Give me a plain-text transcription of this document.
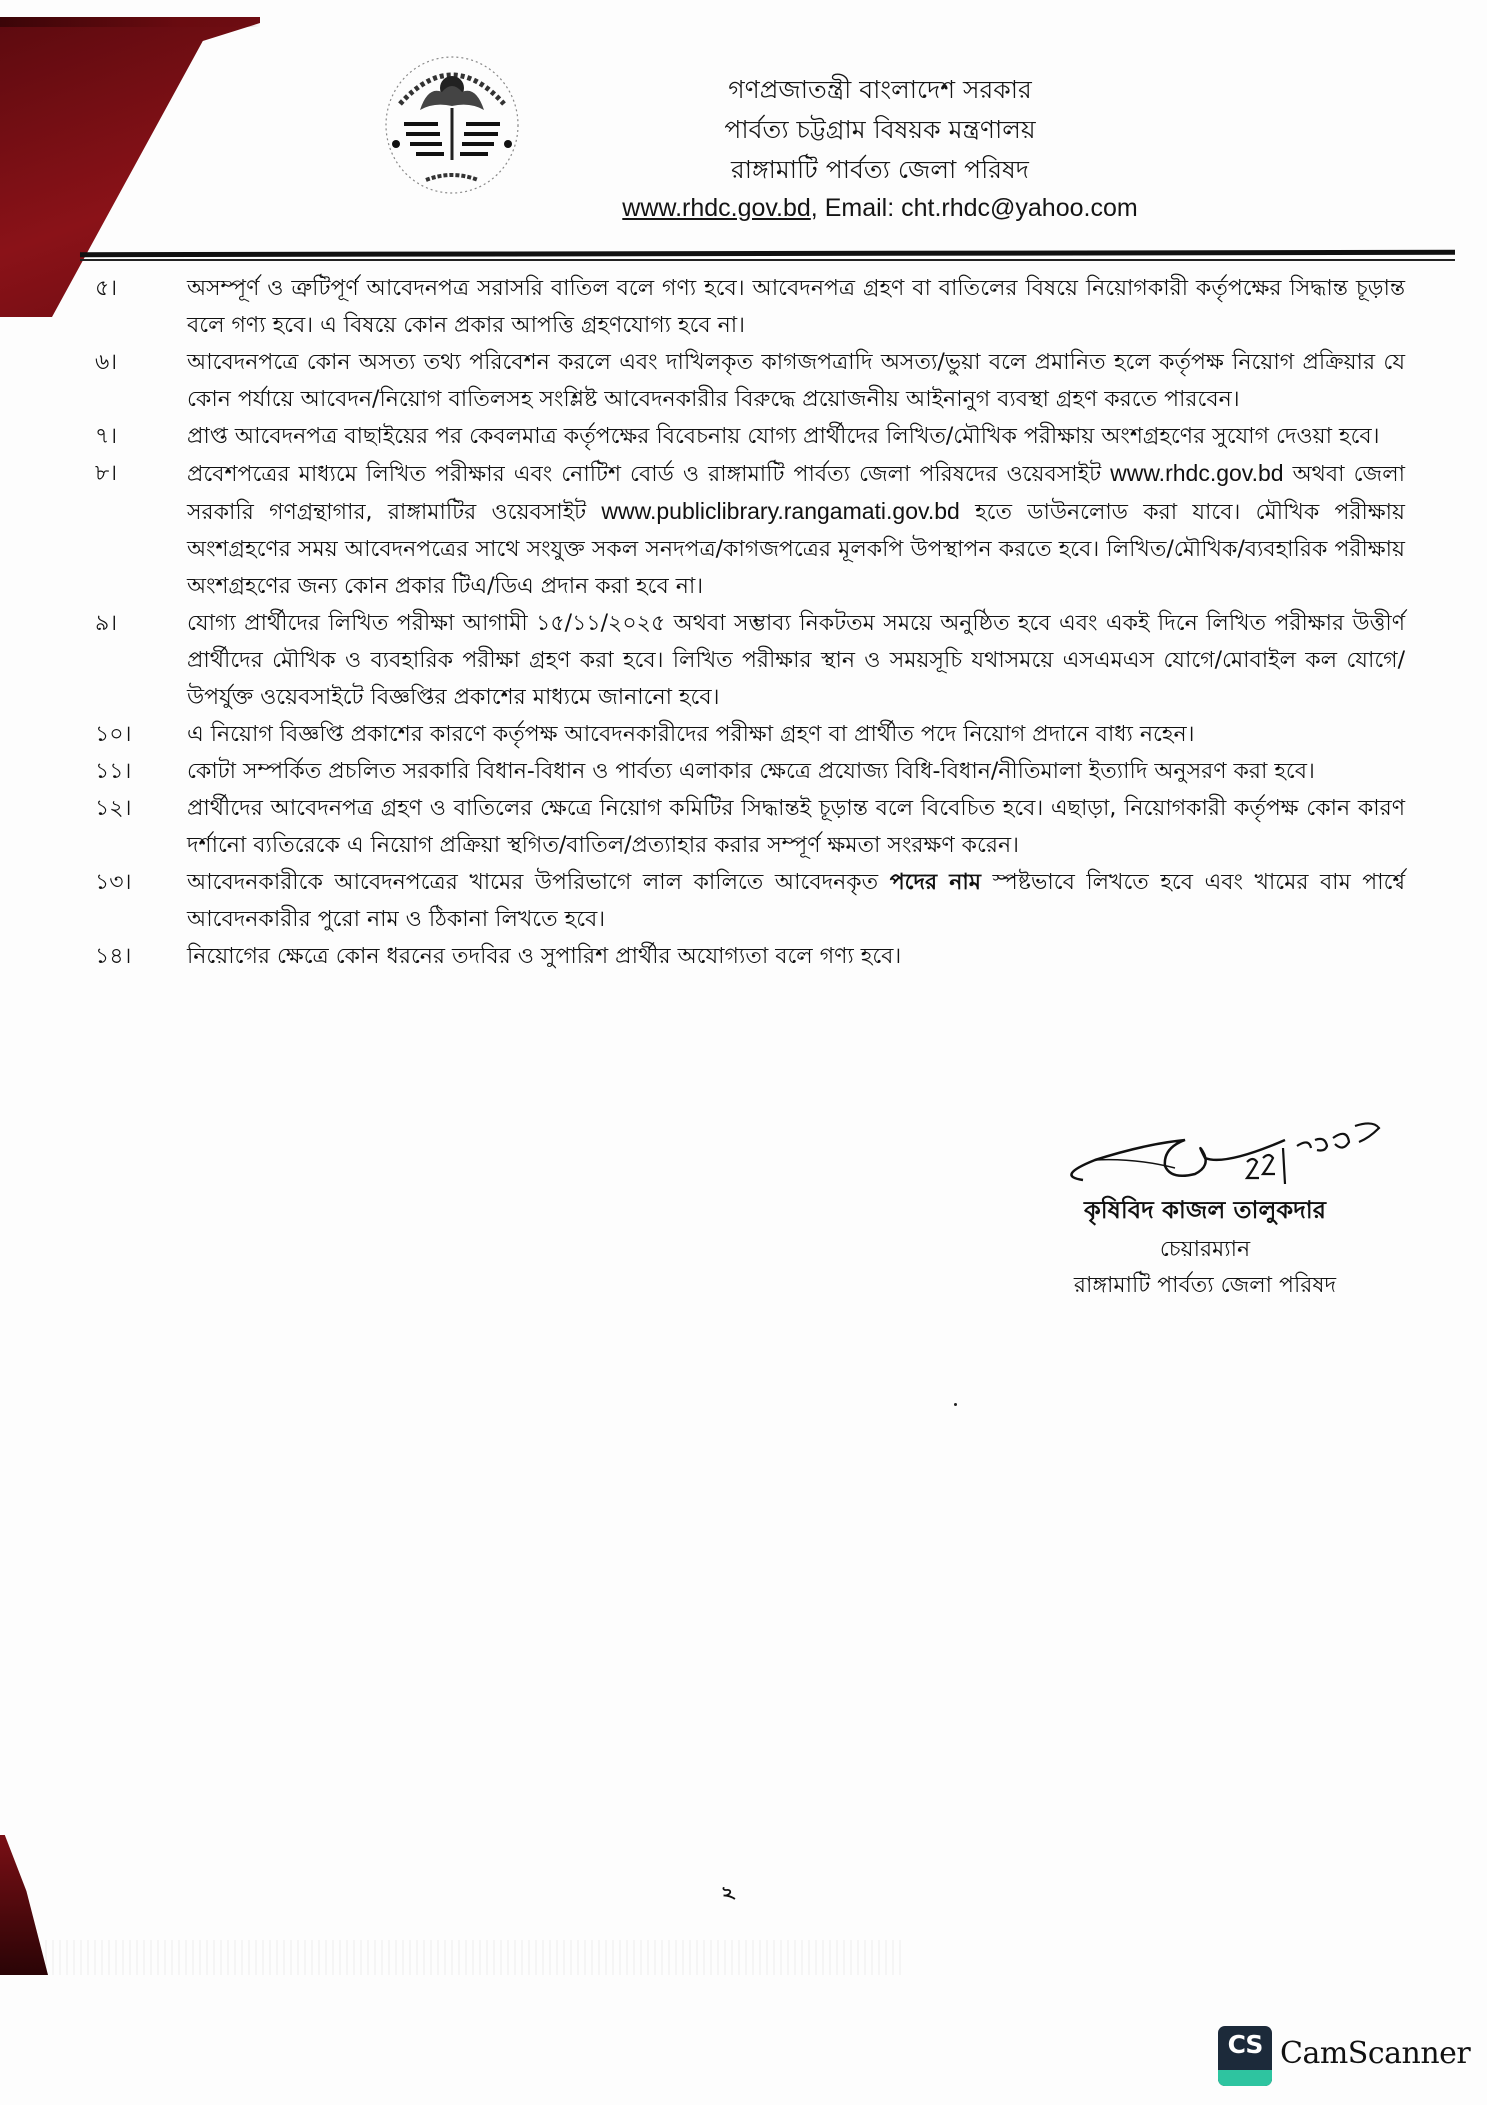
গণপ্রজাতন্ত্রী বাংলাদেশ সরকার
পার্বত্য চট্টগ্রাম বিষয়ক মন্ত্রণালয়
রাঙ্গামাটি পার্বত্য জেলা পরিষদ
www.rhdc.gov.bd, Email: cht.rhdc@yahoo.com
৫।	অসম্পূর্ণ ও ত্রুটিপূর্ণ আবেদনপত্র সরাসরি বাতিল বলে গণ্য হবে। আবেদনপত্র গ্রহণ বা বাতিলের বিষয়ে নিয়োগকারী কর্তৃপক্ষের সিদ্ধান্ত চূড়ান্ত বলে গণ্য হবে। এ বিষয়ে কোন প্রকার আপত্তি গ্রহণযোগ্য হবে না।
৬।	আবেদনপত্রে কোন অসত্য তথ্য পরিবেশন করলে এবং দাখিলকৃত কাগজপত্রাদি অসত্য/ভুয়া বলে প্রমানিত হলে কর্তৃপক্ষ নিয়োগ প্রক্রিয়ার যে কোন পর্যায়ে আবেদন/নিয়োগ বাতিলসহ সংশ্লিষ্ট আবেদনকারীর বিরুদ্ধে প্রয়োজনীয় আইনানুগ ব্যবস্থা গ্রহণ করতে পারবেন।
৭।	প্রাপ্ত আবেদনপত্র বাছাইয়ের পর কেবলমাত্র কর্তৃপক্ষের বিবেচনায় যোগ্য প্রার্থীদের লিখিত/মৌখিক পরীক্ষায় অংশগ্রহণের সুযোগ দেওয়া হবে।
৮।	প্রবেশপত্রের মাধ্যমে লিখিত পরীক্ষার এবং নোটিশ বোর্ড ও রাঙ্গামাটি পার্বত্য জেলা পরিষদের ওয়েবসাইট www.rhdc.gov.bd অথবা জেলা সরকারি গণগ্রন্থাগার, রাঙ্গামাটির ওয়েবসাইট www.publiclibrary.rangamati.gov.bd হতে ডাউনলোড করা যাবে। মৌখিক পরীক্ষায় অংশগ্রহণের সময় আবেদনপত্রের সাথে সংযুক্ত সকল সনদপত্র/কাগজপত্রের মূলকপি উপস্থাপন করতে হবে। লিখিত/মৌখিক/ব্যবহারিক পরীক্ষায় অংশগ্রহণের জন্য কোন প্রকার টিএ/ডিএ প্রদান করা হবে না।
৯।	যোগ্য প্রার্থীদের লিখিত পরীক্ষা আগামী ১৫/১১/২০২৫ অথবা সম্ভাব্য নিকটতম সময়ে অনুষ্ঠিত হবে এবং একই দিনে লিখিত পরীক্ষার উত্তীর্ণ প্রার্থীদের মৌখিক ও ব্যবহারিক পরীক্ষা গ্রহণ করা হবে। লিখিত পরীক্ষার স্থান ও সময়সূচি যথাসময়ে এসএমএস যোগে/মোবাইল কল যোগে/উপর্যুক্ত ওয়েবসাইটে বিজ্ঞপ্তির প্রকাশের মাধ্যমে জানানো হবে।
১০।	এ নিয়োগ বিজ্ঞপ্তি প্রকাশের কারণে কর্তৃপক্ষ আবেদনকারীদের পরীক্ষা গ্রহণ বা প্রার্থীত পদে নিয়োগ প্রদানে বাধ্য নহেন।
১১।	কোটা সম্পর্কিত প্রচলিত সরকারি বিধান-বিধান ও পার্বত্য এলাকার ক্ষেত্রে প্রযোজ্য বিধি-বিধান/নীতিমালা ইত্যাদি অনুসরণ করা হবে।
১২।	প্রার্থীদের আবেদনপত্র গ্রহণ ও বাতিলের ক্ষেত্রে নিয়োগ কমিটির সিদ্ধান্তই চূড়ান্ত বলে বিবেচিত হবে। এছাড়া, নিয়োগকারী কর্তৃপক্ষ কোন কারণ দর্শানো ব্যতিরেকে এ নিয়োগ প্রক্রিয়া স্থগিত/বাতিল/প্রত্যাহার করার সম্পূর্ণ ক্ষমতা সংরক্ষণ করেন।
১৩।	আবেদনকারীকে আবেদনপত্রের খামের উপরিভাগে লাল কালিতে আবেদনকৃত পদের নাম স্পষ্টভাবে লিখতে হবে এবং খামের বাম পার্শ্বে আবেদনকারীর পুরো নাম ও ঠিকানা লিখতে হবে।
১৪।	নিয়োগের ক্ষেত্রে কোন ধরনের তদবির ও সুপারিশ প্রার্থীর অযোগ্যতা বলে গণ্য হবে।
কৃষিবিদ কাজল তালুকদার
চেয়ারম্যান
রাঙ্গামাটি পার্বত্য জেলা পরিষদ
২
CS CamScanner
